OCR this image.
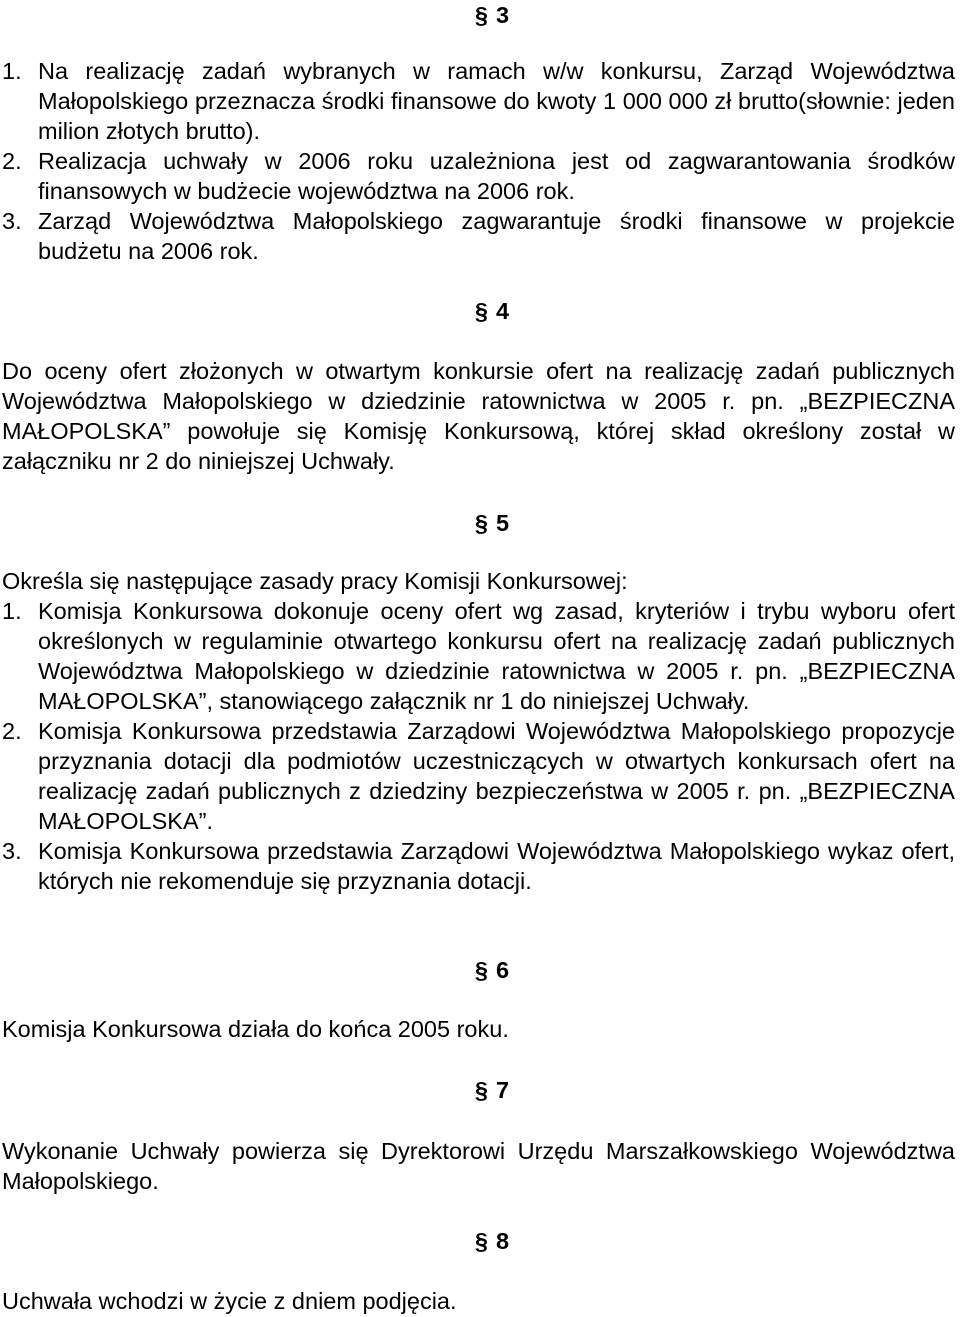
§ 3
1. Na realizację zadań wybranych w ramach w/w konkursu, Zarząd Województwa Małopolskiego przeznacza środki finansowe do kwoty 1 000 000 zł brutto(słownie: jeden milion złotych brutto).

2. Realizacja uchwały w 2006 roku uzależniona jest od zagwarantowania środków finansowych w budżecie województwa na 2006 rok.

3. Zarząd Województwa Małopolskiego zagwarantuje środki finansowe w projekcie budżetu na 2006 rok.

§ 4

Do oceny ofert złożonych w otwartym konkursie ofert na realizację zadań publicznych Województwa Małopolskiego w dziedzinie ratownictwa w 2005 r. pn. „BEZPIECZNA MAŁOPOLSKA” powołuje się Komisję Konkursową, której skład określony został w załączniku nr 2 do niniejszej Uchwały.

§ 5

Określa się następujące zasady pracy Komisji Konkursowej:

1. Komisja Konkursowa dokonuje oceny ofert wg zasad, kryteriów i trybu wyboru ofert określonych w regulaminie otwartego konkursu ofert na realizację zadań publicznych Województwa Małopolskiego w dziedzinie ratownictwa w 2005 r. pn. „BEZPIECZNA MAŁOPOLSKA”, stanowiącego załącznik nr 1 do niniejszej Uchwały.

2. Komisja Konkursowa przedstawia Zarządowi Województwa Małopolskiego propozycje przyznania dotacji dla podmiotów uczestniczących w otwartych konkursach ofert na realizację zadań publicznych z dziedziny bezpieczeństwa w 2005 r. pn. „BEZPIECZNA MAŁOPOLSKA”.

3. Komisja Konkursowa przedstawia Zarządowi Województwa Małopolskiego wykaz ofert, których nie rekomenduje się przyznania dotacji.

§ 6

Komisja Konkursowa działa do końca 2005 roku.

§ 7

Wykonanie Uchwały powierza się Dyrektorowi Urzędu Marszałkowskiego Województwa Małopolskiego.

§ 8

Uchwała wchodzi w życie z dniem podjęcia.
